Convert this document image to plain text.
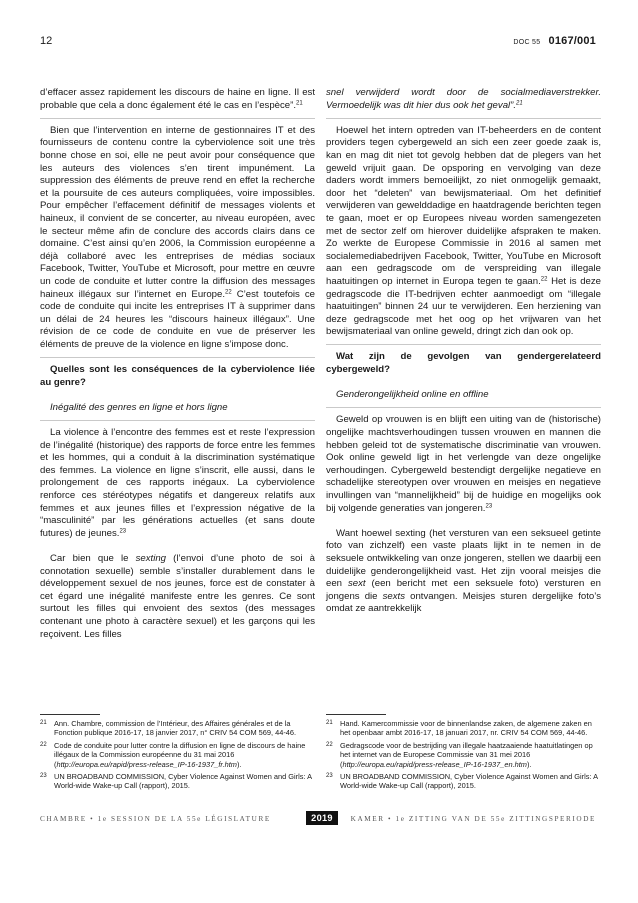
12	DOC 55 0167/001

d’effacer assez rapidement les discours de haine en ligne. Il est probable que cela a donc également été le cas en l’espèce”.$^{21}$

Bien que l’intervention en interne de gestionnaires IT et des fournisseurs de contenu contre la cyberviolence soit une très bonne chose en soi, elle ne peut avoir pour conséquence que les auteurs des violences s’en tirent impunément. La suppression des éléments de preuve rend en effet la recherche et la poursuite de ces auteurs compliquées, voire impossibles. Pour empêcher l’effacement définitif de messages violents et haineux, il convient de se concerter, au niveau européen, avec le secteur même afin de conclure des accords clairs dans ce domaine. C’est ainsi qu’en 2006, la Commission européenne a déjà collaboré avec les entreprises de médias sociaux Facebook, Twitter, YouTube et Microsoft, pour mettre en œuvre un code de conduite et lutter contre la diffusion des messages haineux illégaux sur l’internet en Europe.$^{22}$ C’est toutefois ce code de conduite qui incite les entreprises IT à supprimer dans un délai de 24 heures les “discours haineux illégaux”. Une révision de ce code de conduite en vue de préserver les éléments de preuve de la violence en ligne s’impose donc.

Quelles sont les conséquences de la cyberviolence liée au genre?

Inégalité des genres en ligne et hors ligne

La violence à l’encontre des femmes est et reste l’expression de l’inégalité (historique) des rapports de force entre les femmes et les hommes, qui a conduit à la discrimination systématique des femmes. La violence en ligne s’inscrit, elle aussi, dans le prolongement de ces rapports inégaux. La cyberviolence renforce ces stéréotypes négatifs et dangereux relatifs aux femmes et aux jeunes filles et l’expression négative de la “masculinité” par les générations actuelles (et sans doute futures) de jeunes.$^{23}$

Car bien que le sexting (l’envoi d’une photo de soi à connotation sexuelle) semble s’installer durablement dans le développement sexuel de nos jeunes, force est de constater à cet égard une inégalité manifeste entre les genres. Ce sont surtout les filles qui envoient des sextos (des messages contenant une photo à caractère sexuel) et les garçons qui les reçoivent. Les filles

snel verwijderd wordt door de socialmediaverstrekker. Vermoedelijk was dit hier dus ook het geval”.$^{21}$

Hoewel het intern optreden van IT-beheerders en de content providers tegen cybergeweld an sich een zeer goede zaak is, kan en mag dit niet tot gevolg hebben dat de plegers van het geweld vrijuit gaan. De opsporing en vervolging van deze daders wordt immers bemoeilijkt, zo niet onmogelijk gemaakt, door het “deleten” van bewijsmateriaal. Om het definitief verwijderen van gewelddadige en haatdragende berichten tegen te gaan, moet er op Europees niveau worden samengezeten met de sector zelf om hierover duidelijke afspraken te maken. Zo werkte de Europese Commissie in 2016 al samen met socialemediabedrijven Facebook, Twitter, YouTube en Microsoft aan een gedragscode om de verspreiding van illegale haatuitingen op internet in Europa tegen te gaan.$^{22}$ Het is deze gedragscode die IT-bedrijven echter aanmoedigt om “illegale haatuitingen” binnen 24 uur te verwijderen. Een herziening van deze gedragscode met het oog op het vrijwaren van het bewijsmateriaal van online geweld, dringt zich dan ook op.

Wat zijn de gevolgen van gendergerelateerd cybergeweld?

Genderongelijkheid online en offline

Geweld op vrouwen is en blijft een uiting van de (historische) ongelijke machtsverhoudingen tussen vrouwen en mannen die hebben geleid tot de systematische discriminatie van vrouwen. Ook online geweld ligt in het verlengde van deze ongelijke verhoudingen. Cybergeweld bestendigt dergelijke negatieve en schadelijke stereotypen over vrouwen en meisjes en negatieve invullingen van “mannelijkheid” bij de huidige en mogelijks ook bij volgende generaties van jongeren.$^{23}$

Want hoewel sexting (het versturen van een seksueel getinte foto van zichzelf) een vaste plaats lijkt in te nemen in de seksuele ontwikkeling van onze jongeren, stellen we daarbij een duidelijke genderongelijkheid vast. Het zijn vooral meisjes die een sext (een bericht met een seksuele foto) versturen en jongens die sexts ontvangen. Meisjes sturen dergelijke foto’s omdat ze aantrekkelijk

21 Ann. Chambre, commission de l’Intérieur, des Affaires générales et de la Fonction publique 2016-17, 18 janvier 2017, n° CRIV 54 COM 569, 44-46.
22 Code de conduite pour lutter contre la diffusion en ligne de discours de haine illégaux de la Commission européenne du 31 mai 2016 (http://europa.eu/rapid/press-release_IP-16-1937_fr.htm).
23 UN BROADBAND COMMISSION, Cyber Violence Against Women and Girls: A World-wide Wake-up Call (rapport), 2015.
21 Hand. Kamercommissie voor de binnenlandse zaken, de algemene zaken en het openbaar ambt 2016-17, 18 januari 2017, nr. CRIV 54 COM 569, 44-46.
22 Gedragscode voor de bestrijding van illegale haatzaaiende haatuitlatingen op het internet van de Europese Commissie van 31 mei 2016 (http://europa.eu/rapid/press-release_IP-16-1937_en.htm).
23 UN BROADBAND COMMISSION, Cyber Violence Against Women and Girls: A World-wide Wake-up Call (rapport), 2015.
CHAMBRE • 1e SESSION DE LA 55e LÉGISLATURE	2019	KAMER • 1e ZITTING VAN DE 55e ZITTINGSPERIODE
